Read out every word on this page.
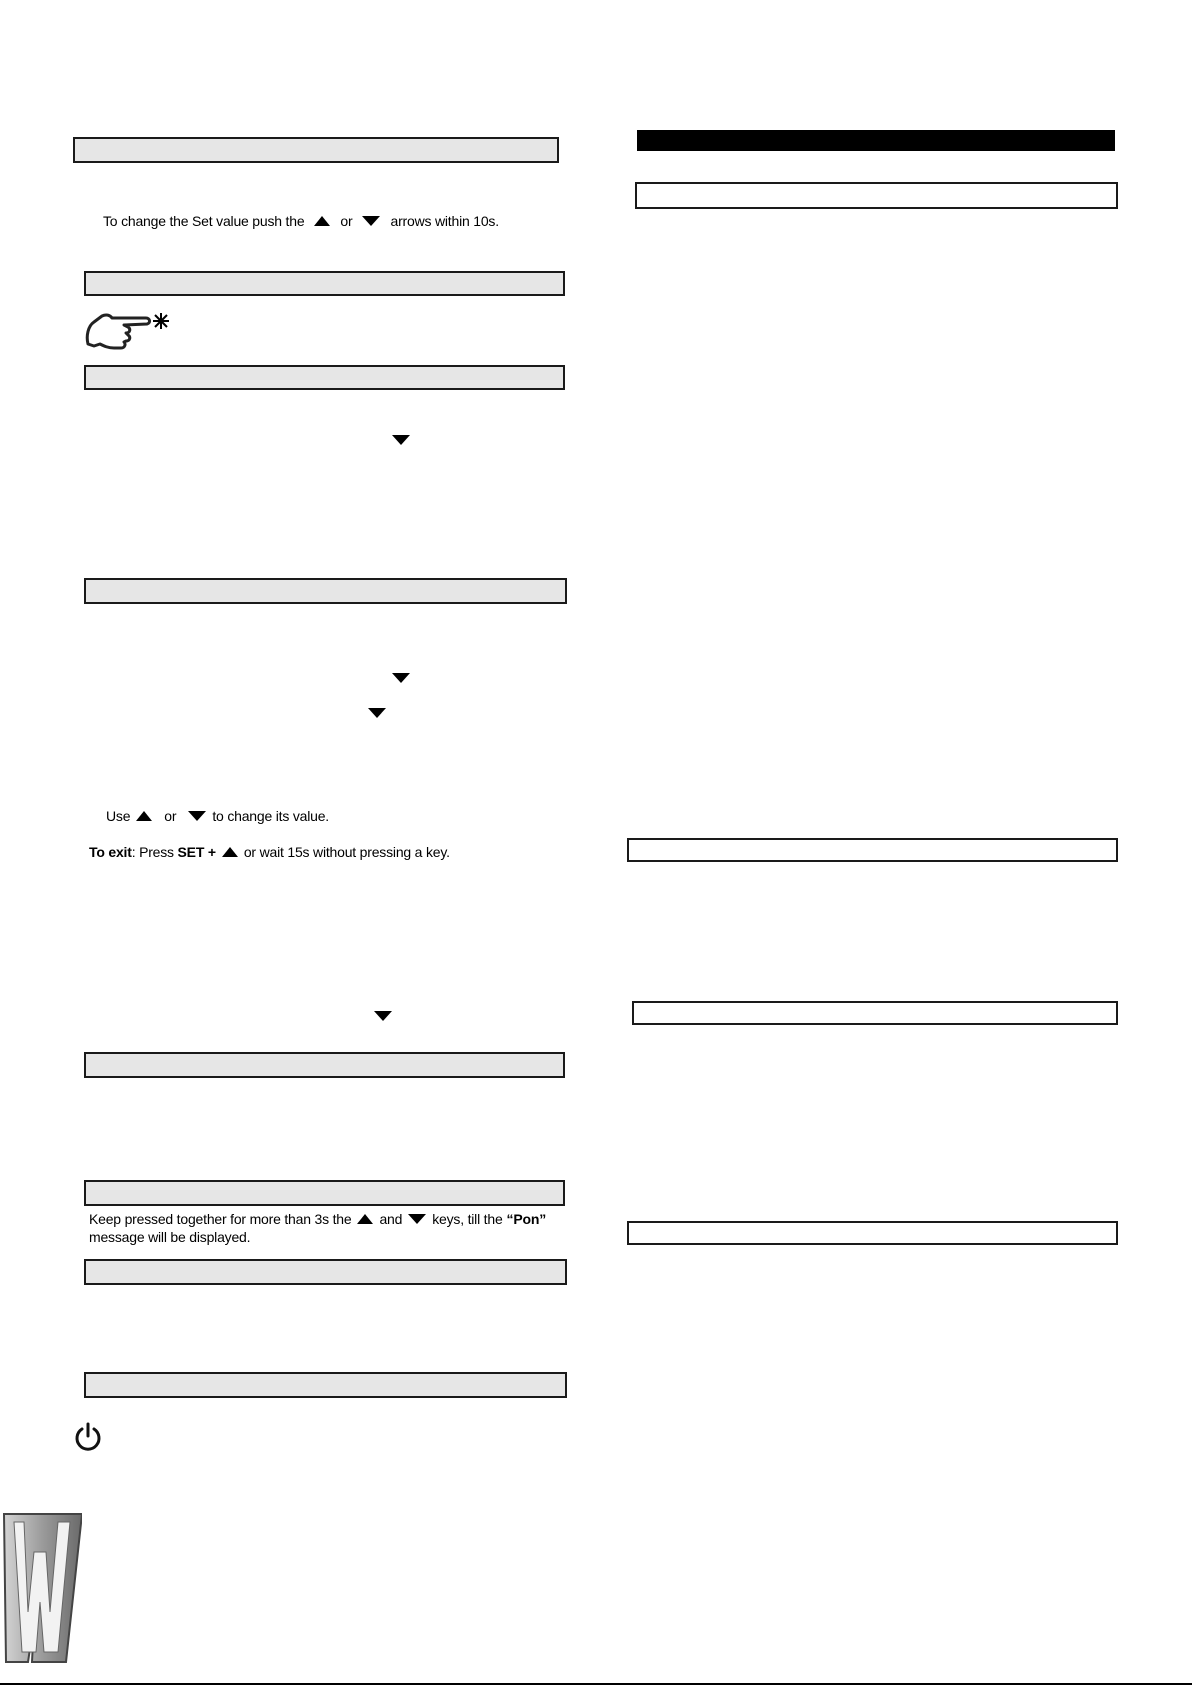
To change the Set value push the	or	arrows within 10s.
Use or	to change its value.
To exit : Press SET + or wait 15s without pressing a key.
Keep pressed together for more than 3s the and keys, till the “Pon”
message will be displayed.
